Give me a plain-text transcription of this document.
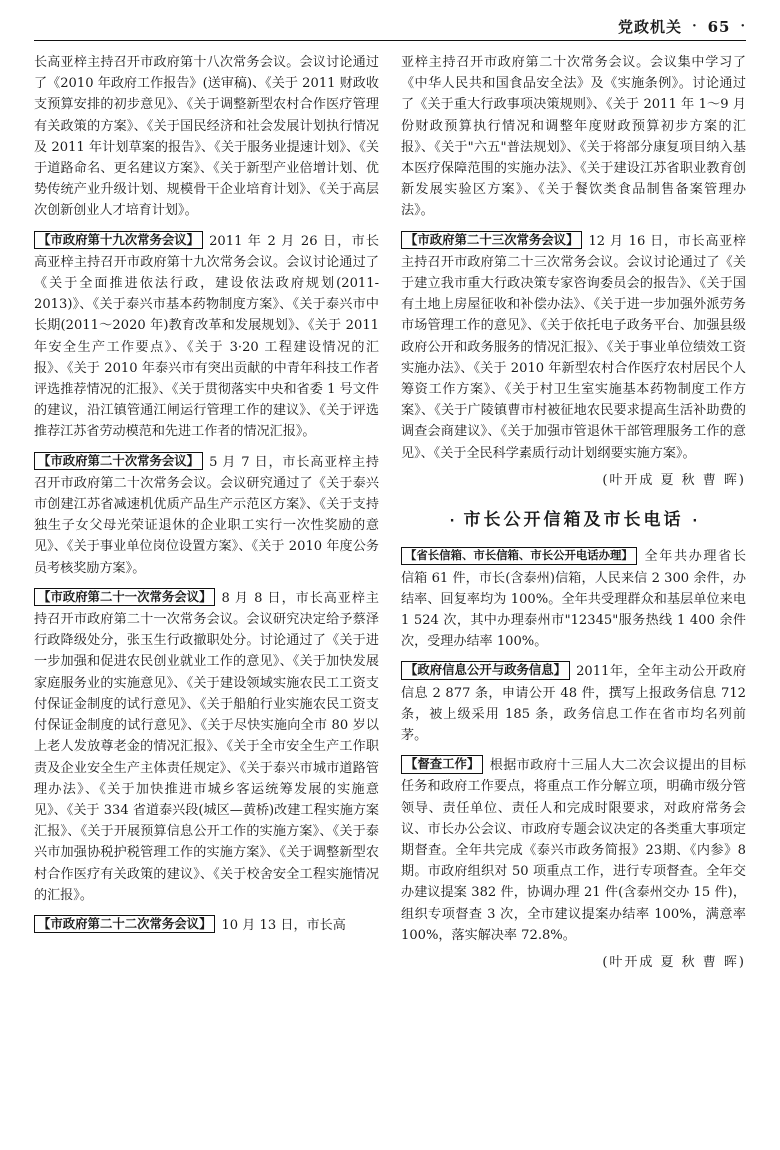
党政机关 · 65 ·

长高亚梓主持召开市政府第十八次常务会议。会议讨论通过了《2010 年政府工作报告》(送审稿)、《关于 2011 财政收支预算安排的初步意见》、《关于调整新型农村合作医疗管理有关政策的方案》、《关于国民经济和社会发展计划执行情况及 2011 年计划草案的报告》、《关于服务业提速计划》、《关于道路命名、更名建议方案》、《关于新型产业倍增计划、优势传统产业升级计划、规模骨干企业培育计划》、《关于高层次创新创业人才培育计划》。

【市政府第十九次常务会议】 2011 年 2 月 26 日，市长高亚梓主持召开市政府第十九次常务会议。会议讨论通过了《关于全面推进依法行政，建设依法政府规划(2011-2013)》、《关于泰兴市基本药物制度方案》、《关于泰兴市中长期(2011～2020 年)教育改革和发展规划》、《关于 2011 年安全生产工作要点》、《关于 3·20 工程建设情况的汇报》、《关于 2010 年泰兴市有突出贡献的中青年科技工作者评选推荐情况的汇报》、《关于贯彻落实中央和省委 1 号文件的建议，沿江镇管通江闸运行管理工作的建议》、《关于评选推荐江苏省劳动模范和先进工作者的情况汇报》。
【市政府第二十次常务会议】 5 月 7 日，市长高亚梓主持召开市政府第二十次常务会议。会议研究通过了《关于泰兴市创建江苏省减速机优质产品生产示范区方案》、《关于支持独生子女父母光荣证退休的企业职工实行一次性奖励的意见》、《关于事业单位岗位设置方案》、《关于 2010 年度公务员考核奖励方案》。
【市政府第二十一次常务会议】 8 月 8 日，市长高亚梓主持召开市政府第二十一次常务会议。会议研究决定给予蔡泽行政降级处分，张玉生行政撤职处分。讨论通过了《关于进一步加强和促进农民创业就业工作的意见》、《关于加快发展家庭服务业的实施意见》、《关于建设领域实施农民工工资支付保证金制度的试行意见》、《关于船舶行业实施农民工资支付保证金制度的试行意见》、《关于尽快实施向全市 80 岁以上老人发放尊老金的情况汇报》、《关于全市安全生产工作职责及企业安全生产主体责任规定》、《关于泰兴市城市道路管理办法》、《关于加快推进市城乡客运统筹发展的实施意见》、《关于 334 省道泰兴段(城区—黄桥)改建工程实施方案汇报》、《关于开展预算信息公开工作的实施方案》、《关于泰兴市加强协税护税管理工作的实施方案》、《关于调整新型农村合作医疗有关政策的建议》、《关于校舍安全工程实施情况的汇报》。
【市政府第二十二次常务会议】 10 月 13 日，市长高

亚梓主持召开市政府第二十次常务会议。会议集中学习了《中华人民共和国食品安全法》及《实施条例》。讨论通过了《关于重大行政事项决策规则》、《关于 2011 年 1～9 月份财政预算执行情况和调整年度财政预算初步方案的汇报》、《关于"六五"普法规划》、《关于将部分康复项目纳入基本医疗保障范围的实施办法》、《关于建设江苏省职业教育创新发展实验区方案》、《关于餐饮类食品制售备案管理办法》。

【市政府第二十三次常务会议】 12 月 16 日，市长高亚梓主持召开市政府第二十三次常务会议。会议讨论通过了《关于建立我市重大行政决策专家咨询委员会的报告》、《关于国有土地上房屋征收和补偿办法》、《关于进一步加强外派劳务市场管理工作的意见》、《关于依托电子政务平台、加强县级政府公开和政务服务的情况汇报》、《关于事业单位绩效工资实施办法》、《关于 2010 年新型农村合作医疗农村居民个人筹资工作方案》、《关于村卫生室实施基本药物制度工作方案》、《关于广陵镇曹市村被征地农民要求提高生活补助费的调查会商建议》、《关于加强市管退休干部管理服务工作的意见》、《关于全民科学素质行动计划纲要实施方案》。

(叶开成 夏 秋 曹 晖)

· 市长公开信箱及市长电话 ·
【省长信箱、市长信箱、市长公开电话办理】 全年共办理省长信箱 61 件，市长(含泰州)信箱，人民来信 2 300 余件，办结率、回复率均为 100%。全年共受理群众和基层单位来电 1 524 次，其中办理泰州市"12345"服务热线 1 400 余件次，受理办结率 100%。
【政府信息公开与政务信息】 2011年，全年主动公开政府信息 2 877 条，申请公开 48 件，撰写上报政务信息 712 条，被上级采用 185 条，政务信息工作在省市均名列前茅。
【督查工作】 根据市政府十三届人大二次会议提出的目标任务和政府工作要点，将重点工作分解立项，明确市级分管领导、责任单位、责任人和完成时限要求，对政府常务会议、市长办公会议、市政府专题会议决定的各类重大事项定期督查。全年共完成《泰兴市政务简报》23期、《内参》8期。市政府组织对 50 项重点工作，进行专项督查。全年交办建议提案 382 件，协调办理 21 件(含泰州交办 15 件)，组织专项督查 3 次，全市建议提案办结率 100%，满意率 100%，落实解决率 72.8%。

(叶开成 夏 秋 曹 晖)
